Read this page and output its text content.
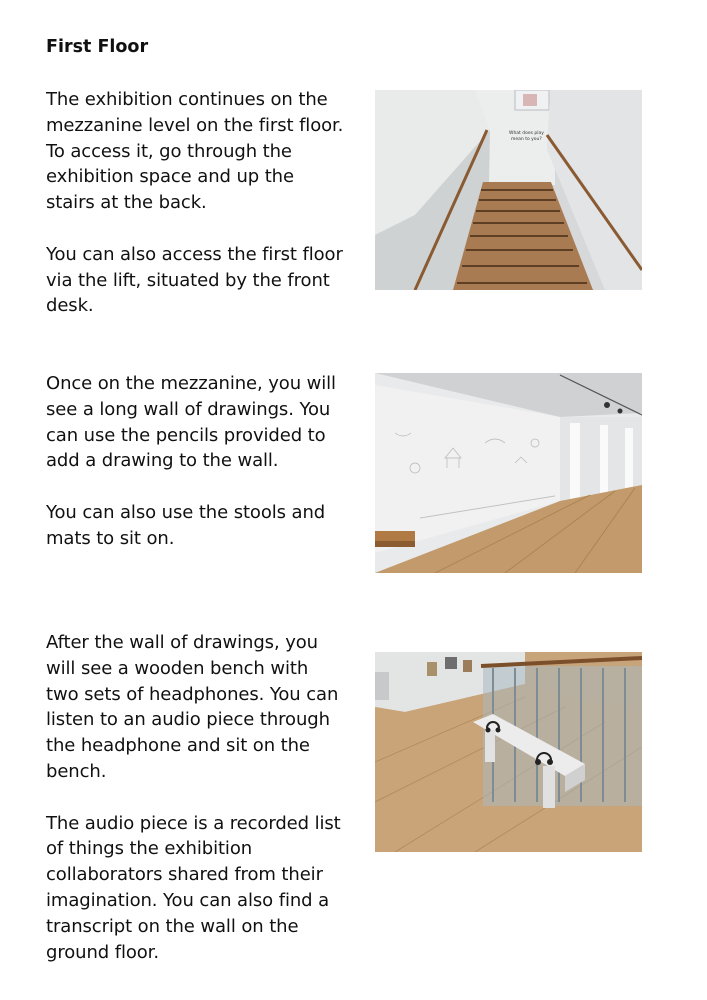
First Floor

The exhibition continues on the mezzanine level on the first floor. To access it, go through the exhibition space and up the stairs at the back.

You can also access the first floor via the lift, situated by the front desk.

What does play
mean to you?

Once on the mezzanine, you will see a long wall of drawings. You can use the pencils provided to add a drawing to the wall.

You can also use the stools and mats to sit on.

After the wall of drawings, you will see a wooden bench with two sets of headphones. You can listen to an audio piece through the headphone and sit on the bench.

The audio piece is a recorded list of things the exhibition collaborators shared from their imagination. You can also find a transcript on the wall on the ground floor.
